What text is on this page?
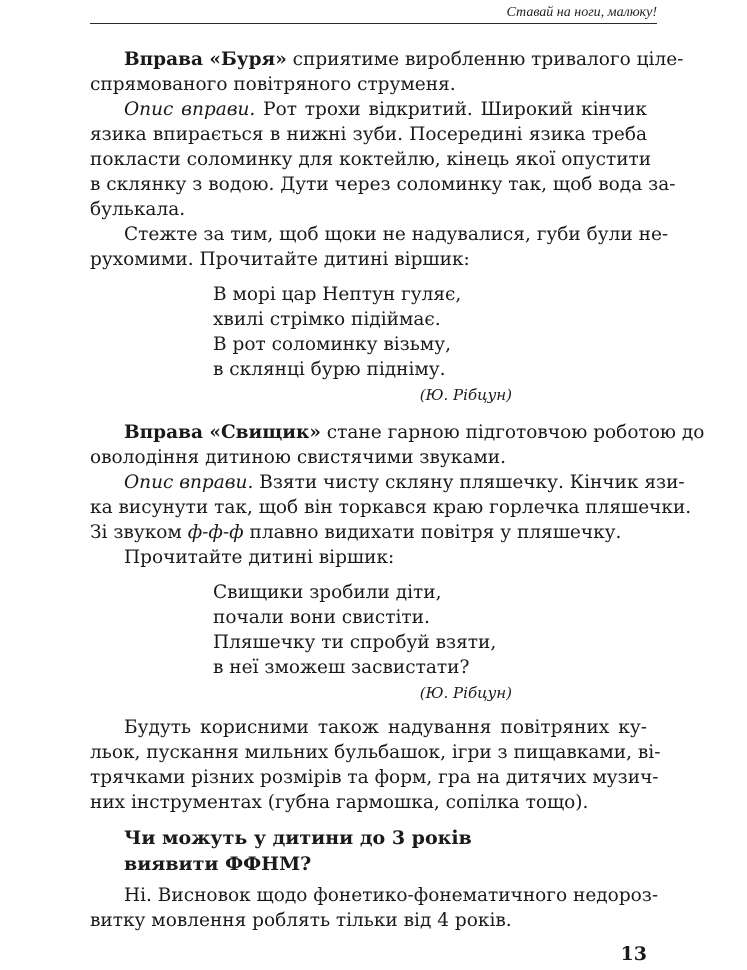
Ставай на ноги, малюку!
Вправа «Буря» сприятиме виробленню тривалого ціле-
спрямованого повітряного струменя.
Опис вправи. Рот трохи відкритий. Широкий кінчик
язика впирається в нижні зуби. Посередині язика треба
покласти соломинку для коктейлю, кінець якої опустити
в склянку з водою. Дути через соломинку так, щоб вода за-
булькала.
Стежте за тим, щоб щоки не надувалися, губи були не-
рухомими. Прочитайте дитині віршик:
В морі цар Нептун гуляє,
хвилі стрімко підіймає.
В рот соломинку візьму,
в склянці бурю підніму.
(Ю. Рібцун)
Вправа «Свищик» стане гарною підготовчою роботою до
оволодіння дитиною свистячими звуками.
Опис вправи. Взяти чисту скляну пляшечку. Кінчик язи-
ка висунути так, щоб він торкався краю горлечка пляшечки.
Зі звуком ф-ф-ф плавно видихати повітря у пляшечку.
Прочитайте дитині віршик:
Свищики зробили діти,
почали вони свистіти.
Пляшечку ти спробуй взяти,
в неї зможеш засвистати?
(Ю. Рібцун)
Будуть корисними також надування повітряних ку-
льок, пускання мильних бульбашок, ігри з пищавками, ві-
трячками різних розмірів та форм, гра на дитячих музич-
них інструментах (губна гармошка, сопілка тощо).
Чи можуть у дитини до 3 років
виявити ФФНМ?
Ні. Висновок щодо фонетико-фонематичного недороз-
витку мовлення роблять тільки від 4 років.
13
